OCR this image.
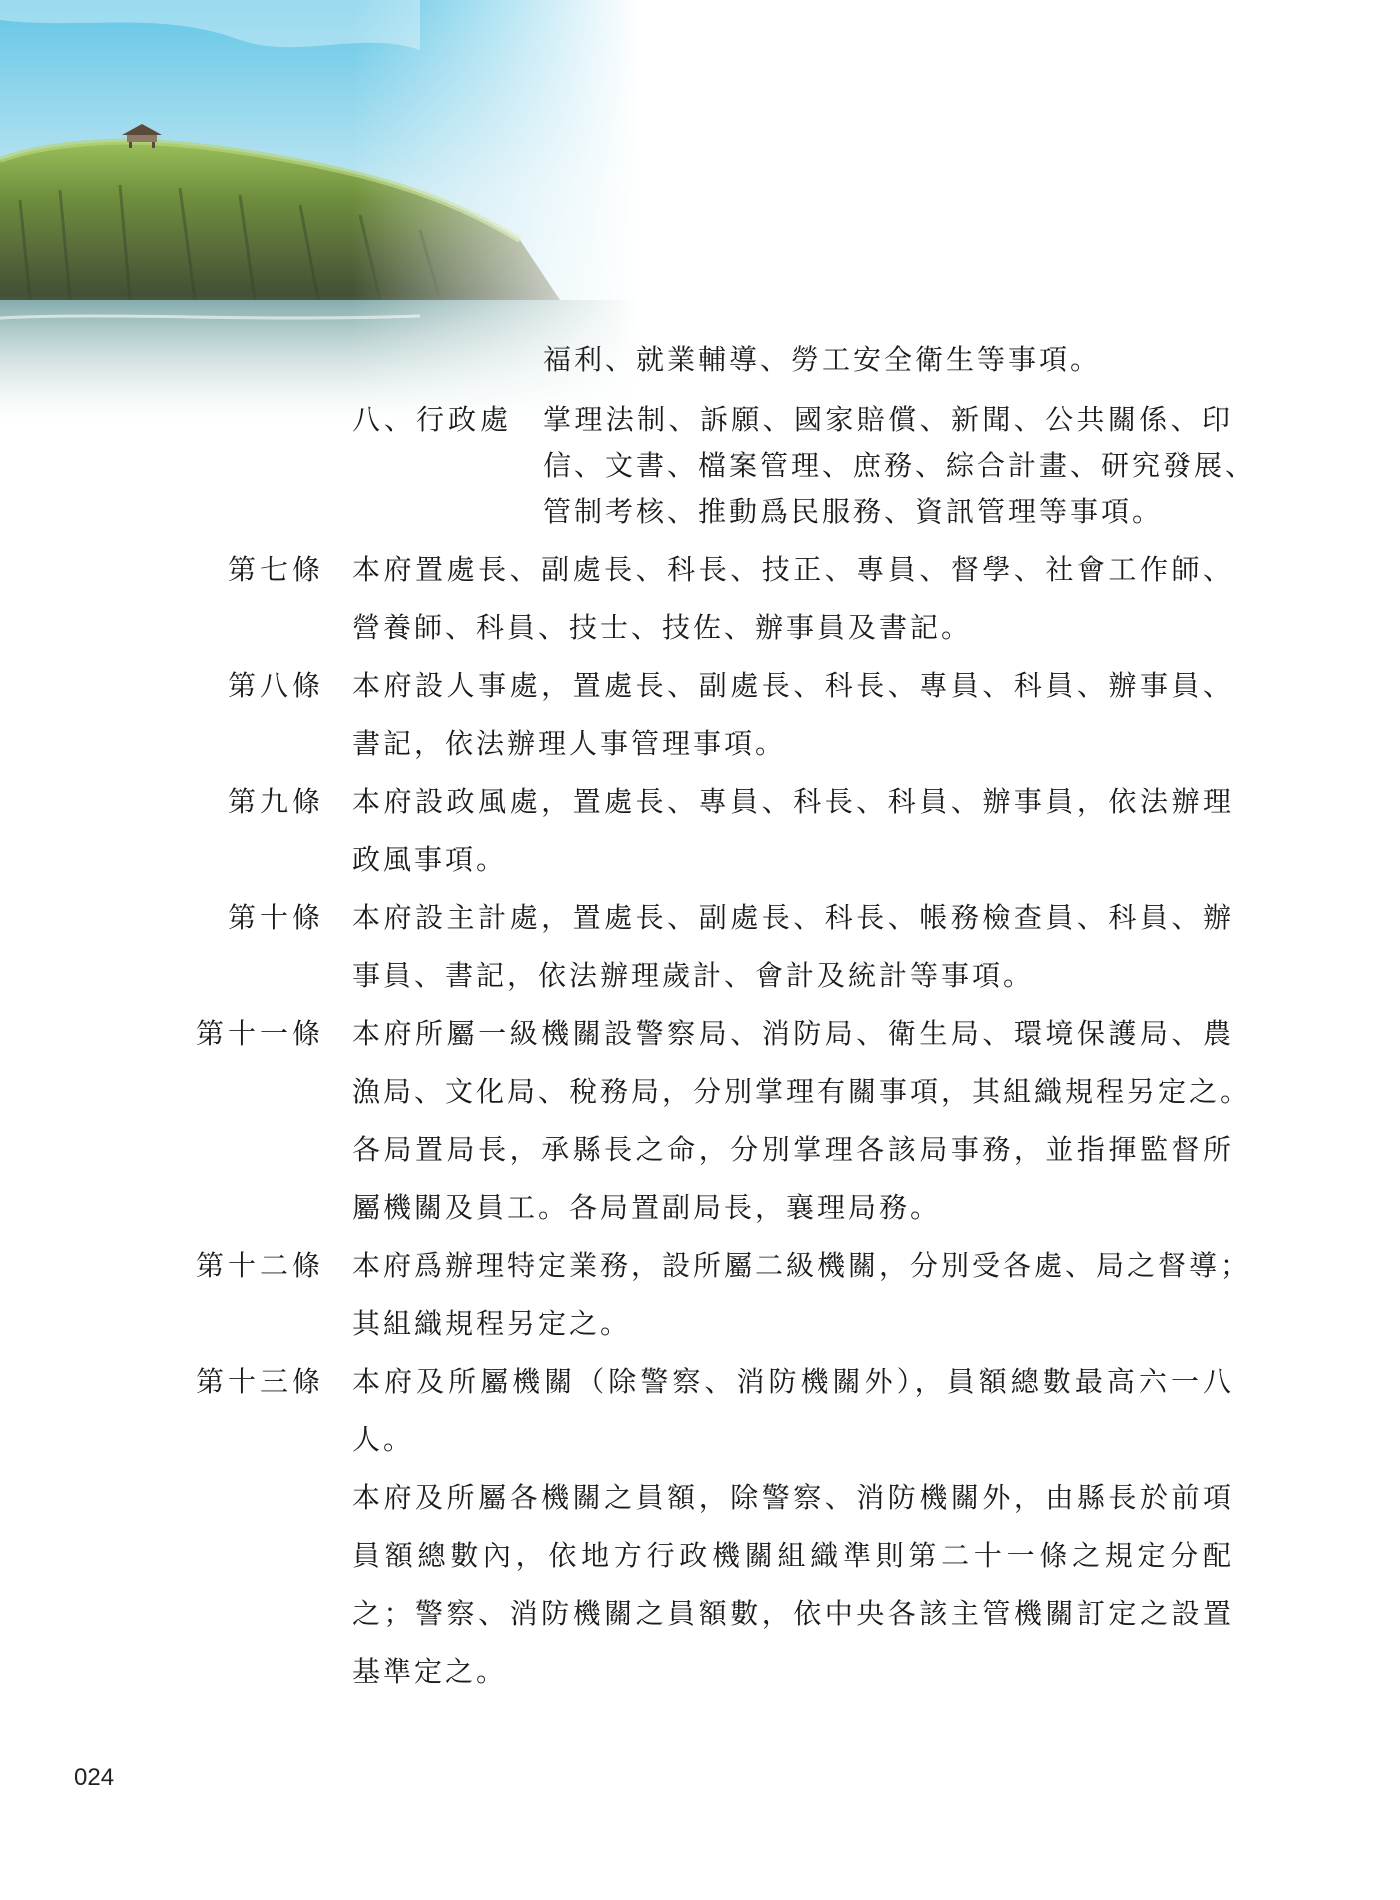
福利、就業輔導、勞工安全衛生等事項。
八、行政處 掌理法制、訴願、國家賠償、新聞、公共關係、印
信、文書、檔案管理、庶務、綜合計畫、研究發展、
管制考核、推動爲民服務、資訊管理等事項。
第七條 本府置處長、副處長、科長、技正、專員、督學、社會工作師、
營養師、科員、技士、技佐、辦事員及書記。
第八條 本府設人事處，置處長、副處長、科長、專員、科員、辦事員、
書記，依法辦理人事管理事項。
第九條 本府設政風處，置處長、專員、科長、科員、辦事員，依法辦理
政風事項。
第十條 本府設主計處，置處長、副處長、科長、帳務檢查員、科員、辦
事員、書記，依法辦理歲計、會計及統計等事項。
第十一條 本府所屬一級機關設警察局、消防局、衛生局、環境保護局、農
漁局、文化局、稅務局，分別掌理有關事項，其組織規程另定之。
各局置局長，承縣長之命，分別掌理各該局事務，並指揮監督所
屬機關及員工。各局置副局長，襄理局務。
第十二條 本府爲辦理特定業務，設所屬二級機關，分別受各處、局之督導；
其組織規程另定之。
第十三條 本府及所屬機關（除警察、消防機關外），員額總數最高六一八
人。
本府及所屬各機關之員額，除警察、消防機關外，由縣長於前項
員額總數內，依地方行政機關組織準則第二十一條之規定分配
之；警察、消防機關之員額數，依中央各該主管機關訂定之設置
基準定之。
024
